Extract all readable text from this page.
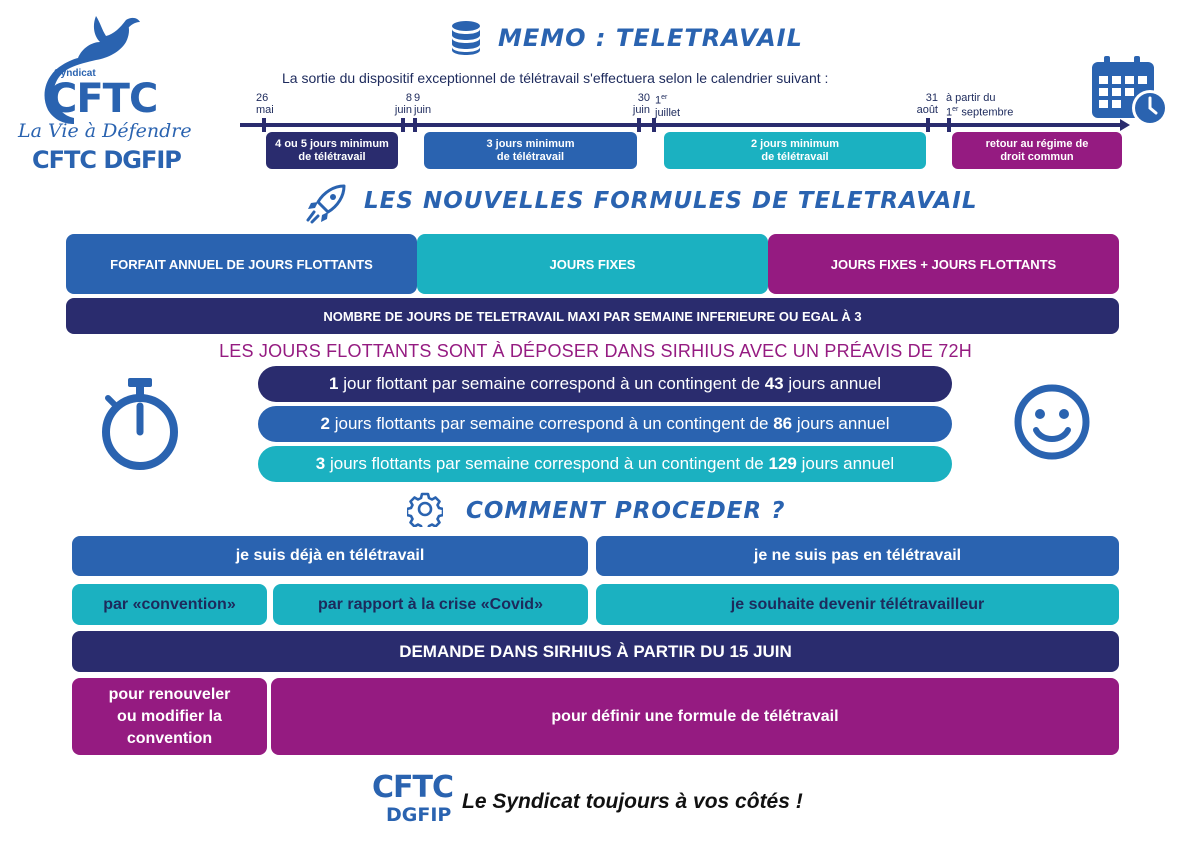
Syndicat
CFTC
La Vie à Défendre
CFTC DGFIP
MEMO : TELETRAVAIL
La sortie du dispositif exceptionnel de télétravail s'effectuera selon le calendrier suivant :
26
mai
8
juin
9
juin
30
juin
1er
juillet
31
août
à partir du
1er septembre
4 ou 5 jours minimum
de télétravail
3 jours minimum
de télétravail
2 jours minimum
de télétravail
retour au régime de
droit commun
LES NOUVELLES FORMULES DE TELETRAVAIL
FORFAIT ANNUEL DE JOURS FLOTTANTS	JOURS FIXES	JOURS FIXES + JOURS FLOTTANTS
NOMBRE DE JOURS DE TELETRAVAIL MAXI PAR SEMAINE INFERIEURE OU EGAL À 3
LES JOURS FLOTTANTS SONT À DÉPOSER DANS SIRHIUS AVEC UN PRÉAVIS DE 72H
1 jour flottant par semaine correspond à un contingent de 43 jours annuel
2 jours flottants par semaine correspond à un contingent de 86 jours annuel
3 jours flottants par semaine correspond à un contingent de 129 jours annuel
COMMENT PROCEDER ?
je suis déjà en télétravail	je ne suis pas en télétravail
par «convention»	par rapport à la crise «Covid»	je souhaite devenir télétravailleur
DEMANDE DANS SIRHIUS À PARTIR DU 15 JUIN
pour renouveler
ou modifier la
convention
pour définir une formule de télétravail
CFTC
DGFIP
Le Syndicat toujours à vos côtés !
